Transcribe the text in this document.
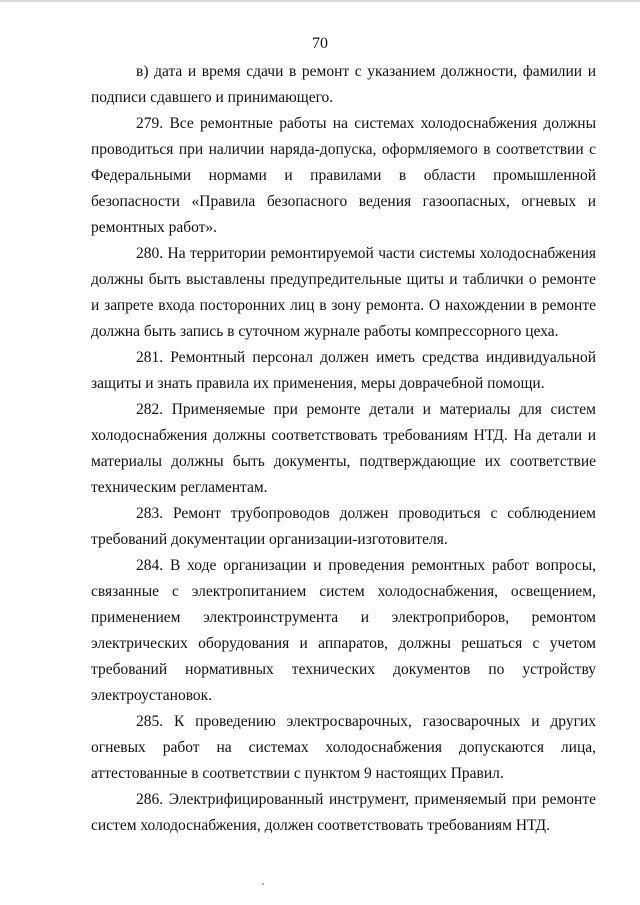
70

в) дата и время сдачи в ремонт с указанием должности, фамилии и подписи сдавшего и принимающего.

279. Все ремонтные работы на системах холодоснабжения должны проводиться при наличии наряда-допуска, оформляемого в соответствии с Федеральными нормами и правилами в области промышленной безопасности «Правила безопасного ведения газоопасных, огневых и ремонтных работ».

280. На территории ремонтируемой части системы холодоснабжения должны быть выставлены предупредительные щиты и таблички о ремонте и запрете входа посторонних лиц в зону ремонта. О нахождении в ремонте должна быть запись в суточном журнале работы компрессорного цеха.

281. Ремонтный персонал должен иметь средства индивидуальной защиты и знать правила их применения, меры доврачебной помощи.

282. Применяемые при ремонте детали и материалы для систем холодоснабжения должны соответствовать требованиям НТД. На детали и материалы должны быть документы, подтверждающие их соответствие техническим регламентам.

283. Ремонт трубопроводов должен проводиться с соблюдением требований документации организации-изготовителя.

284. В ходе организации и проведения ремонтных работ вопросы, связанные с электропитанием систем холодоснабжения, освещением, применением электроинструмента и электроприборов, ремонтом электрических оборудования и аппаратов, должны решаться с учетом требований нормативных технических документов по устройству электроустановок.

285. К проведению электросварочных, газосварочных и других огневых работ на системах холодоснабжения допускаются лица, аттестованные в соответствии с пунктом 9 настоящих Правил.

286. Электрифицированный инструмент, применяемый при ремонте систем холодоснабжения, должен соответствовать требованиям НТД.
